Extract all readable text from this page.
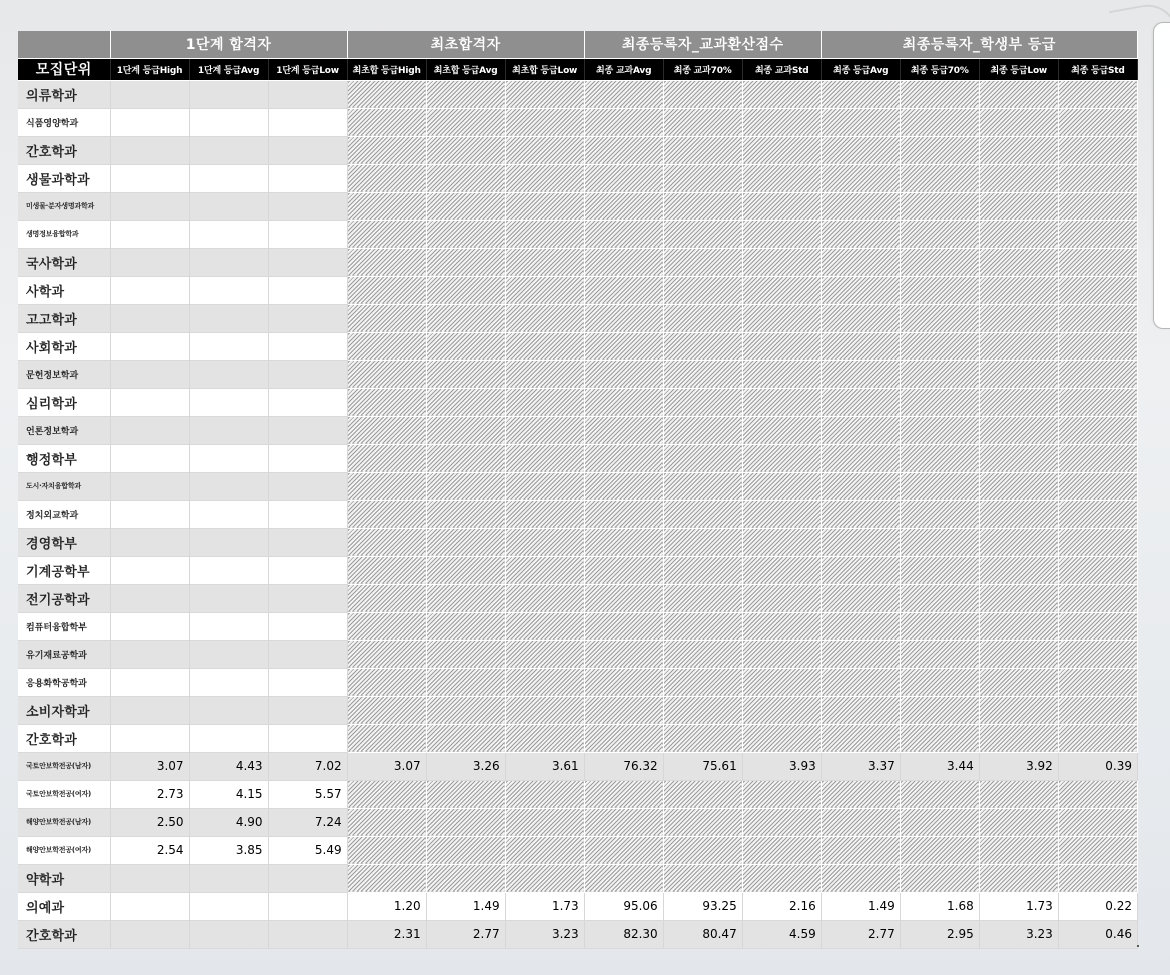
	1단계 합격자			최초합격자			최종등록자_교과환산점수			최종등록자_학생부 등급			
모집단위	1단계 등급High	1단계 등급Avg	1단계 등급Low	최초합 등급High	최초합 등급Avg	최초합 등급Low	최종 교과Avg	최종 교과70%	최종 교과Std	최종 등급Avg	최종 등급70%	최종 등급Low	최종 등급Std
의류학과													
식품영양학과													
간호학과													
생물과학과													
미생물·분자생명과학과													
생명정보융합학과													
국사학과													
사학과													
고고학과													
사회학과													
문헌정보학과													
심리학과													
언론정보학과													
행정학부													
도시·자치융합학과													
정치외교학과													
경영학부													
기계공학부													
전기공학과													
컴퓨터융합학부													
유기재료공학과													
응용화학공학과													
소비자학과													
간호학과													
국토안보학전공(남자)	3.07	4.43	7.02	3.07	3.26	3.61	76.32	75.61	3.93	3.37	3.44	3.92	0.39
국토안보학전공(여자)	2.73	4.15	5.57										
해양안보학전공(남자)	2.50	4.90	7.24										
해양안보학전공(여자)	2.54	3.85	5.49										
약학과													
의예과				1.20	1.49	1.73	95.06	93.25	2.16	1.49	1.68	1.73	0.22
간호학과				2.31	2.77	3.23	82.30	80.47	4.59	2.77	2.95	3.23	0.46
